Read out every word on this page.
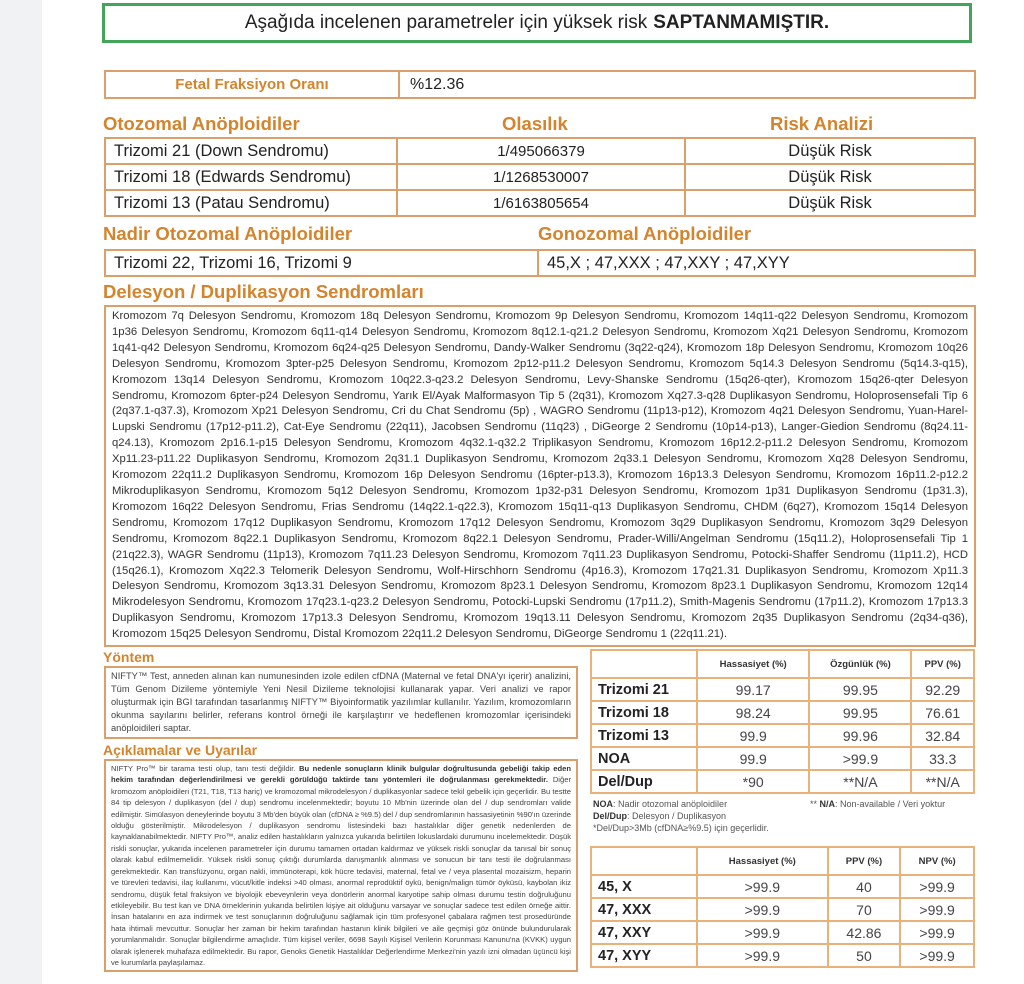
Aşağıda incelenen parametreler için yüksek risk SAPTANMAMIŞTIR.
Fetal Fraksiyon Oranı	%12.36
Otozomal Anöploidiler	Olasılık	Risk Analizi
Trizomi 21 (Down Sendromu)	1/495066379	Düşük Risk
Trizomi 18 (Edwards Sendromu)	1/1268530007	Düşük Risk
Trizomi 13 (Patau Sendromu)	1/6163805654	Düşük Risk
Nadir Otozomal Anöploidiler	Gonozomal Anöploidiler
Trizomi 22, Trizomi 16, Trizomi 9	45,X ; 47,XXX ; 47,XXY ; 47,XYY
Delesyon / Duplikasyon Sendromları
Kromozom 7q Delesyon Sendromu, Kromozom 18q Delesyon Sendromu, Kromozom 9p Delesyon Sendromu, Kromozom 14q11-q22 Delesyon Sendromu, Kromozom 1p36 Delesyon Sendromu, Kromozom 6q11-q14 Delesyon Sendromu, Kromozom 8q12.1-q21.2 Delesyon Sendromu, Kromozom Xq21 Delesyon Sendromu, Kromozom 1q41-q42 Delesyon Sendromu, Kromozom 6q24-q25 Delesyon Sendromu, Dandy-Walker Sendromu (3q22-q24), Kromozom 18p Delesyon Sendromu, Kromozom 10q26 Delesyon Sendromu, Kromozom 3pter-p25 Delesyon Sendromu, Kromozom 2p12-p11.2 Delesyon Sendromu, Kromozom 5q14.3 Delesyon Sendromu (5q14.3-q15), Kromozom 13q14 Delesyon Sendromu, Kromozom 10q22.3-q23.2 Delesyon Sendromu, Levy-Shanske Sendromu (15q26-qter), Kromozom 15q26-qter Delesyon Sendromu, Kromozom 6pter-p24 Delesyon Sendromu, Yarık El/Ayak Malformasyon Tip 5 (2q31), Kromozom Xq27.3-q28 Duplikasyon Sendromu, Holoprosensefali Tip 6 (2q37.1-q37.3), Kromozom Xp21 Delesyon Sendromu, Cri du Chat Sendromu (5p) , WAGRO Sendromu (11p13-p12), Kromozom 4q21 Delesyon Sendromu, Yuan-Harel-Lupski Sendromu (17p12-p11.2), Cat-Eye Sendromu (22q11), Jacobsen Sendromu (11q23) , DiGeorge 2 Sendromu (10p14-p13), Langer-Giedion Sendromu (8q24.11-q24.13), Kromozom 2p16.1-p15 Delesyon Sendromu, Kromozom 4q32.1-q32.2 Triplikasyon Sendromu, Kromozom 16p12.2-p11.2 Delesyon Sendromu, Kromozom Xp11.23-p11.22 Duplikasyon Sendromu, Kromozom 2q31.1 Duplikasyon Sendromu, Kromozom 2q33.1 Delesyon Sendromu, Kromozom Xq28 Delesyon Sendromu, Kromozom 22q11.2 Duplikasyon Sendromu, Kromozom 16p Delesyon Sendromu (16pter-p13.3), Kromozom 16p13.3 Delesyon Sendromu, Kromozom 16p11.2-p12.2 Mikroduplikasyon Sendromu, Kromozom 5q12 Delesyon Sendromu, Kromozom 1p32-p31 Delesyon Sendromu, Kromozom 1p31 Duplikasyon Sendromu (1p31.3), Kromozom 16q22 Delesyon Sendromu, Frias Sendromu (14q22.1-q22.3), Kromozom 15q11-q13 Duplikasyon Sendromu, CHDM (6q27), Kromozom 15q14 Delesyon Sendromu, Kromozom 17q12 Duplikasyon Sendromu, Kromozom 17q12 Delesyon Sendromu, Kromozom 3q29 Duplikasyon Sendromu, Kromozom 3q29 Delesyon Sendromu, Kromozom 8q22.1 Duplikasyon Sendromu, Kromozom 8q22.1 Delesyon Sendromu, Prader-Willi/Angelman Sendromu (15q11.2), Holoprosensefali Tip 1 (21q22.3), WAGR Sendromu (11p13), Kromozom 7q11.23 Delesyon Sendromu, Kromozom 7q11.23 Duplikasyon Sendromu, Potocki-Shaffer Sendromu (11p11.2), HCD (15q26.1), Kromozom Xq22.3 Telomerik Delesyon Sendromu, Wolf-Hirschhorn Sendromu (4p16.3), Kromozom 17q21.31 Duplikasyon Sendromu, Kromozom Xp11.3 Delesyon Sendromu, Kromozom 3q13.31 Delesyon Sendromu, Kromozom 8p23.1 Delesyon Sendromu, Kromozom 8p23.1 Duplikasyon Sendromu, Kromozom 12q14 Mikrodelesyon Sendromu, Kromozom 17q23.1-q23.2 Delesyon Sendromu, Potocki-Lupski Sendromu (17p11.2), Smith-Magenis Sendromu (17p11.2), Kromozom 17p13.3 Duplikasyon Sendromu, Kromozom 17p13.3 Delesyon Sendromu, Kromozom 19q13.11 Delesyon Sendromu, Kromozom 2q35 Duplikasyon Sendromu (2q34-q36), Kromozom 15q25 Delesyon Sendromu, Distal Kromozom 22q11.2 Delesyon Sendromu, DiGeorge Sendromu 1 (22q11.21).
Yöntem
NIFTY™ Test, anneden alınan kan numunesinden izole edilen cfDNA (Maternal ve fetal DNA'yı içerir) analizini, Tüm Genom Dizileme yöntemiyle Yeni Nesil Dizileme teknolojisi kullanarak yapar. Veri analizi ve rapor oluşturmak için BGI tarafından tasarlanmış NIFTY™ Biyoinformatik yazılımlar kullanılır. Yazılım, kromozomların okunma sayılarını belirler, referans kontrol örneği ile karşılaştırır ve hedeflenen kromozomlar içerisindeki anöploidileri saptar.
Açıklamalar ve Uyarılar
NIFTY Pro™ bir tarama testi olup, tanı testi değildir. Bu nedenle sonuçların klinik bulgular doğrultusunda gebeliği takip eden hekim tarafından değerlendirilmesi ve gerekli görüldüğü taktirde tanı yöntemleri ile doğrulanması gerekmektedir. Diğer kromozom anöploidileri (T21, T18, T13 hariç) ve kromozomal mikrodelesyon / duplikasyonlar sadece tekil gebelik için geçerlidir. Bu testte 84 tip delesyon / duplikasyon (del / dup) sendromu incelenmektedir; boyutu 10 Mb'nin üzerinde olan del / dup sendromları valide edilmiştir. Simülasyon deneylerinde boyutu 3 Mb'den büyük olan (cfDNA ≥ %9.5) del / dup sendromlarının hassasiyetinin %90'ın üzerinde olduğu gösterilmiştir. Mikrodelesyon / duplikasyon sendromu listesindeki bazı hastalıklar diğer genetik nedenlerden de kaynaklanabilmektedir. NIFTY Pro™, analiz edilen hastalıkların yalnızca yukarıda belirtilen lokuslardaki durumunu incelemektedir. Düşük riskli sonuçlar, yukarıda incelenen parametreler için durumu tamamen ortadan kaldırmaz ve yüksek riskli sonuçlar da tanısal bir sonuç olarak kabul edilmemelidir. Yüksek riskli sonuç çıktığı durumlarda danışmanlık alınması ve sonucun bir tanı testi ile doğrulanması gerekmektedir. Kan transfüzyonu, organ nakli, immünoterapi, kök hücre tedavisi, maternal, fetal ve / veya plasental mozaisizm, heparin ve türevleri tedavisi, ilaç kullanımı, vücut/kitle indeksi >40 olması, anormal reprodüktif öykü, benign/malign tümör öyküsü, kaybolan ikiz sendromu, düşük fetal fraksiyon ve biyolojik ebeveynlerin veya donörlerin anormal karyotipe sahip olması durumu testin doğruluğunu etkileyebilir. Bu test kan ve DNA örneklerinin yukarıda belirtilen kişiye ait olduğunu varsayar ve sonuçlar sadece test edilen örneğe aittir. İnsan hatalarını en aza indirmek ve test sonuçlarının doğruluğunu sağlamak için tüm profesyonel çabalara rağmen test prosedüründe hata ihtimali mevcuttur. Sonuçlar her zaman bir hekim tarafından hastanın klinik bilgileri ve aile geçmişi göz önünde bulundurularak yorumlanmalıdır. Sonuçlar bilgilendirme amaçlıdır. Tüm kişisel veriler, 6698 Sayılı Kişisel Verilerin Korunması Kanunu'na (KVKK) uygun olarak işlenerek muhafaza edilmektedir. Bu rapor, Genoks Genetik Hastalıklar Değerlendirme Merkezi'nin yazılı izni olmadan üçüncü kişi ve kurumlarla paylaşılamaz.
	Hassasiyet (%)	Özgünlük (%)	PPV (%)
Trizomi 21	99.17	99.95	92.29
Trizomi 18	98.24	99.95	76.61
Trizomi 13	99.9	99.96	32.84
NOA	99.9	>99.9	33.3
Del/Dup	*90	**N/A	**N/A
NOA: Nadir otozomal anöploidiler
Del/Dup: Delesyon / Duplikasyon
*Del/Dup>3Mb (cfDNA≥%9.5) için geçerlidir.
** N/A: Non-available / Veri yoktur
	Hassasiyet (%)	PPV (%)	NPV (%)
45, X	>99.9	40	>99.9
47, XXX	>99.9	70	>99.9
47, XXY	>99.9	42.86	>99.9
47, XYY	>99.9	50	>99.9
